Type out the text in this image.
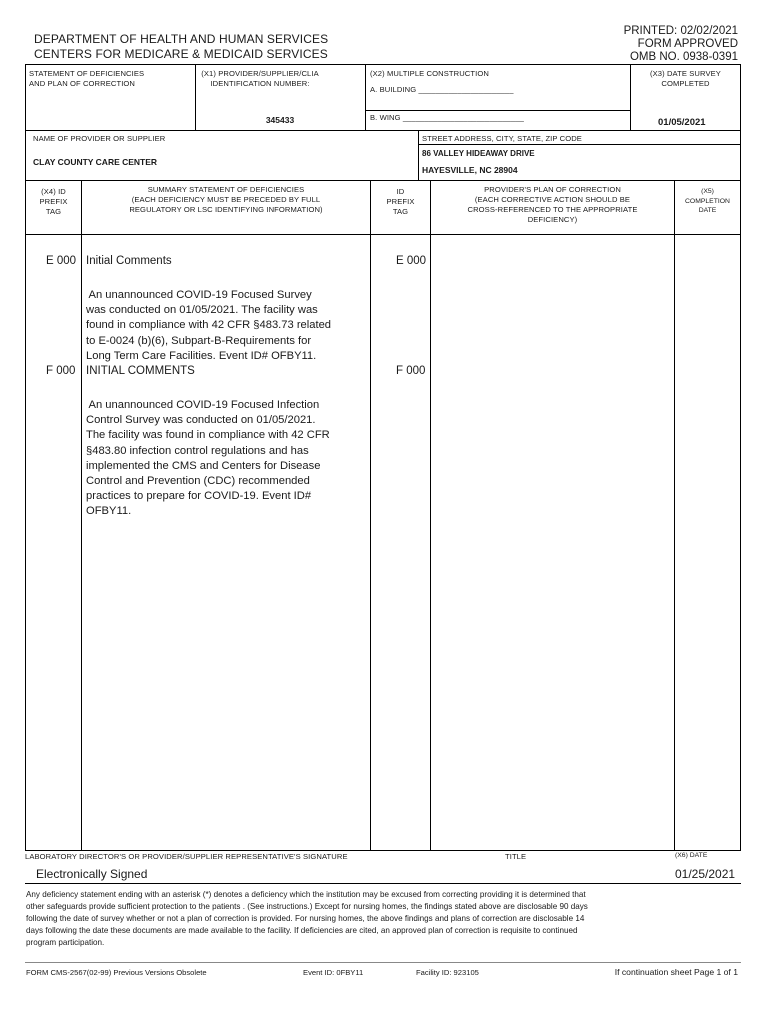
DEPARTMENT OF HEALTH AND HUMAN SERVICES
CENTERS FOR MEDICARE & MEDICAID SERVICES
PRINTED: 02/02/2021
FORM APPROVED
OMB NO. 0938-0391
STATEMENT OF DEFICIENCIES
AND PLAN OF CORRECTION
(X1) PROVIDER/SUPPLIER/CLIA
IDENTIFICATION NUMBER:
345433
(X2) MULTIPLE CONSTRUCTION
A. BUILDING ______________________
B. WING ____________________________
(X3) DATE SURVEY
COMPLETED
01/05/2021
NAME OF PROVIDER OR SUPPLIER
CLAY COUNTY CARE CENTER
STREET ADDRESS, CITY, STATE, ZIP CODE
86 VALLEY HIDEAWAY DRIVE
HAYESVILLE, NC 28904
(X4) ID
PREFIX
TAG
SUMMARY STATEMENT OF DEFICIENCIES
(EACH DEFICIENCY MUST BE PRECEDED BY FULL
REGULATORY OR LSC IDENTIFYING INFORMATION)
ID
PREFIX
TAG
PROVIDER'S PLAN OF CORRECTION
(EACH CORRECTIVE ACTION SHOULD BE
CROSS-REFERENCED TO THE APPROPRIATE
DEFICIENCY)
(X5)
COMPLETION
DATE
E 000 Initial Comments	E 000
An unannounced COVID-19 Focused Survey
was conducted on 01/05/2021. The facility was
found in compliance with 42 CFR §483.73 related
to E-0024 (b)(6), Subpart-B-Requirements for
Long Term Care Facilities. Event ID# OFBY11.
F 000 INITIAL COMMENTS	F 000
An unannounced COVID-19 Focused Infection
Control Survey was conducted on 01/05/2021.
The facility was found in compliance with 42 CFR
§483.80 infection control regulations and has
implemented the CMS and Centers for Disease
Control and Prevention (CDC) recommended
practices to prepare for COVID-19. Event ID#
OFBY11.
LABORATORY DIRECTOR'S OR PROVIDER/SUPPLIER REPRESENTATIVE'S SIGNATURE
Electronically Signed
TITLE	(X6) DATE
01/25/2021
Any deficiency statement ending with an asterisk (*) denotes a deficiency which the institution may be excused from correcting providing it is determined that
other safeguards provide sufficient protection to the patients . (See instructions.) Except for nursing homes, the findings stated above are disclosable 90 days
following the date of survey whether or not a plan of correction is provided. For nursing homes, the above findings and plans of correction are disclosable 14
days following the date these documents are made available to the facility. If deficiencies are cited, an approved plan of correction is requisite to continued
program participation.
FORM CMS-2567(02-99) Previous Versions Obsolete	Event ID: 0FBY11	Facility ID: 923105	If continuation sheet Page 1 of 1
